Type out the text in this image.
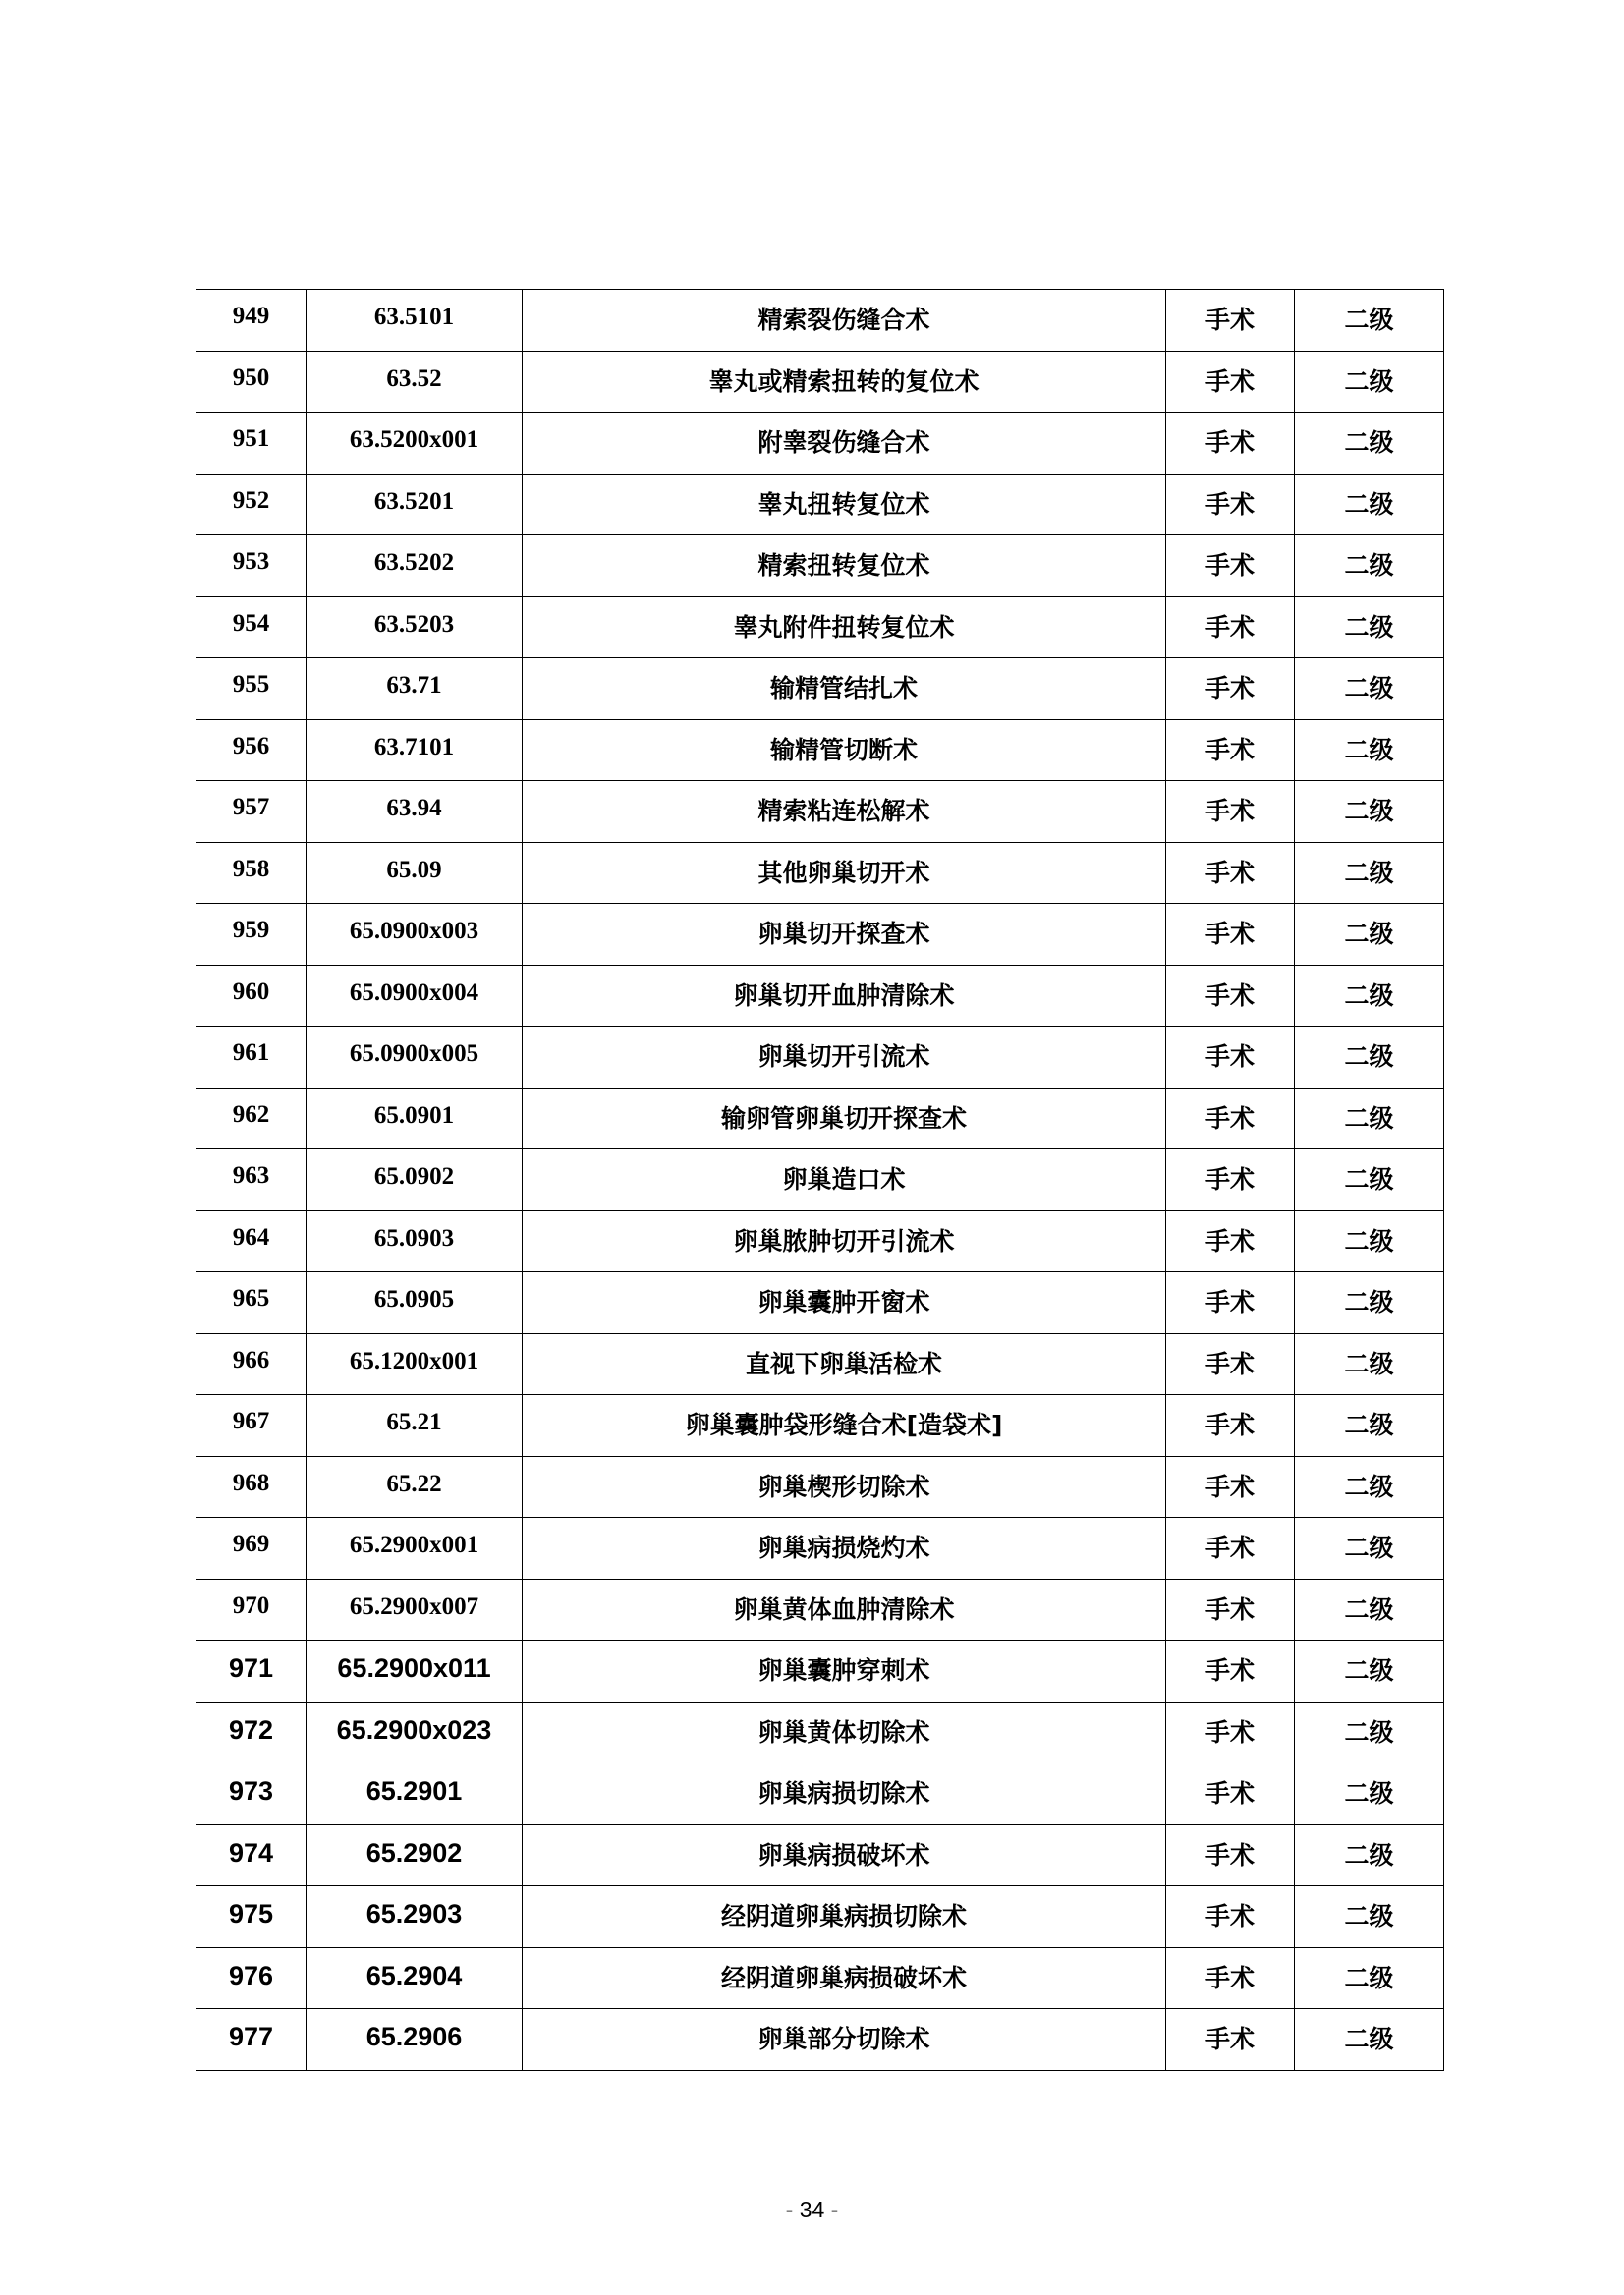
949	63.5101	精索裂伤缝合术	手术	二级
950	63.52	睾丸或精索扭转的复位术	手术	二级
951	63.5200x001	附睾裂伤缝合术	手术	二级
952	63.5201	睾丸扭转复位术	手术	二级
953	63.5202	精索扭转复位术	手术	二级
954	63.5203	睾丸附件扭转复位术	手术	二级
955	63.71	输精管结扎术	手术	二级
956	63.7101	输精管切断术	手术	二级
957	63.94	精索粘连松解术	手术	二级
958	65.09	其他卵巢切开术	手术	二级
959	65.0900x003	卵巢切开探查术	手术	二级
960	65.0900x004	卵巢切开血肿清除术	手术	二级
961	65.0900x005	卵巢切开引流术	手术	二级
962	65.0901	输卵管卵巢切开探查术	手术	二级
963	65.0902	卵巢造口术	手术	二级
964	65.0903	卵巢脓肿切开引流术	手术	二级
965	65.0905	卵巢囊肿开窗术	手术	二级
966	65.1200x001	直视下卵巢活检术	手术	二级
967	65.21	卵巢囊肿袋形缝合术[造袋术]	手术	二级
968	65.22	卵巢楔形切除术	手术	二级
969	65.2900x001	卵巢病损烧灼术	手术	二级
970	65.2900x007	卵巢黄体血肿清除术	手术	二级
971	65.2900x011	卵巢囊肿穿刺术	手术	二级
972	65.2900x023	卵巢黄体切除术	手术	二级
973	65.2901	卵巢病损切除术	手术	二级
974	65.2902	卵巢病损破坏术	手术	二级
975	65.2903	经阴道卵巢病损切除术	手术	二级
976	65.2904	经阴道卵巢病损破坏术	手术	二级
977	65.2906	卵巢部分切除术	手术	二级
- 34 -
